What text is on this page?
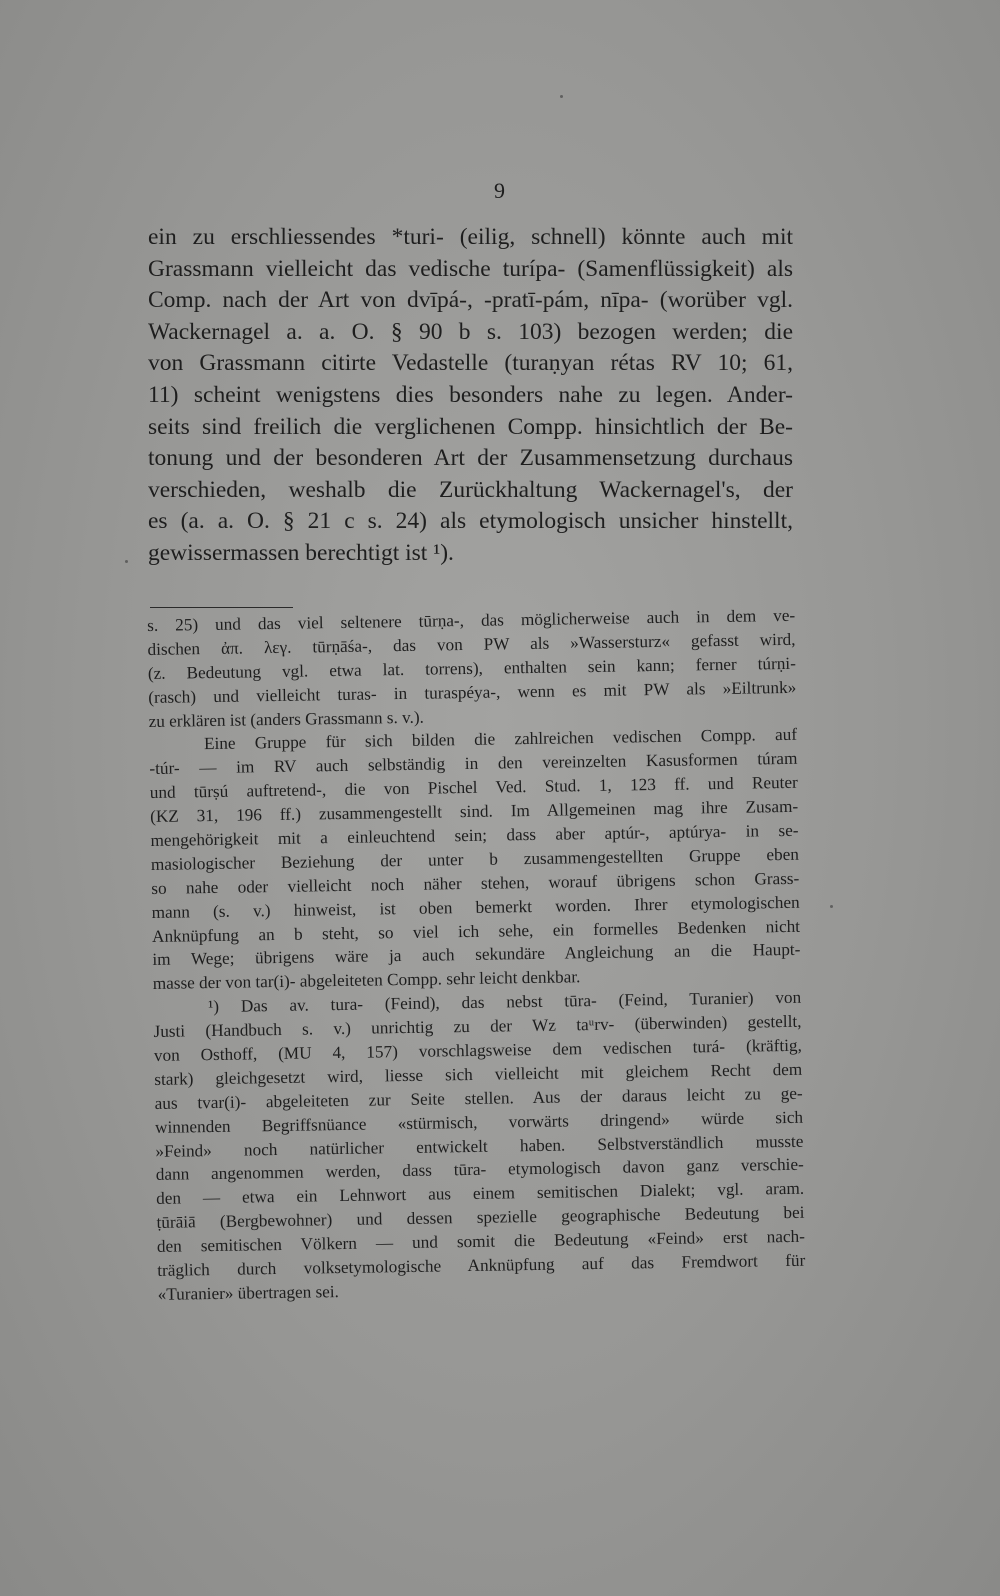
9
ein zu erschliessendes *turi- (eilig, schnell) könnte auch mit
Grassmann vielleicht das vedische turípa- (Samenflüssigkeit) als
Comp. nach der Art von dvīpá-, -pratī-pám, nīpa- (worüber vgl.
Wackernagel a. a. O. § 90 b s. 103) bezogen werden; die
von Grassmann citirte Vedastelle (turaṇyan rétas RV 10; 61,
11) scheint wenigstens dies besonders nahe zu legen. Ander-
seits sind freilich die verglichenen Compp. hinsichtlich der Be-
tonung und der besonderen Art der Zusammensetzung durchaus
verschieden, weshalb die Zurückhaltung Wackernagel's, der
es (a. a. O. § 21 c s. 24) als etymologisch unsicher hinstellt,
gewissermassen berechtigt ist ¹).
s. 25) und das viel seltenere tūrṇa-, das möglicherweise auch in dem ve-
dischen ἀπ. λεγ. tūrṇāśa-, das von PW als »Wassersturz« gefasst wird,
(z. Bedeutung vgl. etwa lat. torrens), enthalten sein kann; ferner túrṇi-
(rasch) und vielleicht turas- in turaspéya-, wenn es mit PW als »Eiltrunk»
zu erklären ist (anders Grassmann s. v.).
Eine Gruppe für sich bilden die zahlreichen vedischen Compp. auf
-túr- — im RV auch selbständig in den vereinzelten Kasusformen túram
und tūrṣú auftretend-, die von Pischel Ved. Stud. 1, 123 ff. und Reuter
(KZ 31, 196 ff.) zusammengestellt sind. Im Allgemeinen mag ihre Zusam-
mengehörigkeit mit a einleuchtend sein; dass aber aptúr-, aptúrya- in se-
masiologischer Beziehung der unter b zusammengestellten Gruppe eben
so nahe oder vielleicht noch näher stehen, worauf übrigens schon Grass-
mann (s. v.) hinweist, ist oben bemerkt worden. Ihrer etymologischen
Anknüpfung an b steht, so viel ich sehe, ein formelles Bedenken nicht
im Wege; übrigens wäre ja auch sekundäre Angleichung an die Haupt-
masse der von tar(i)- abgeleiteten Compp. sehr leicht denkbar.
¹) Das av. tura- (Feind), das nebst tūra- (Feind, Turanier) von
Justi (Handbuch s. v.) unrichtig zu der Wz taᵘrv- (überwinden) gestellt,
von Osthoff, (MU 4, 157) vorschlagsweise dem vedischen turá- (kräftig,
stark) gleichgesetzt wird, liesse sich vielleicht mit gleichem Recht dem
aus tvar(i)- abgeleiteten zur Seite stellen. Aus der daraus leicht zu ge-
winnenden Begriffsnüance «stürmisch, vorwärts dringend» würde sich
»Feind» noch natürlicher entwickelt haben. Selbstverständlich musste
dann angenommen werden, dass tūra- etymologisch davon ganz verschie-
den — etwa ein Lehnwort aus einem semitischen Dialekt; vgl. aram.
ṭūrāiā (Bergbewohner) und dessen spezielle geographische Bedeutung bei
den semitischen Völkern — und somit die Bedeutung «Feind» erst nach-
träglich durch volksetymologische Anknüpfung auf das Fremdwort für
«Turanier» übertragen sei.
